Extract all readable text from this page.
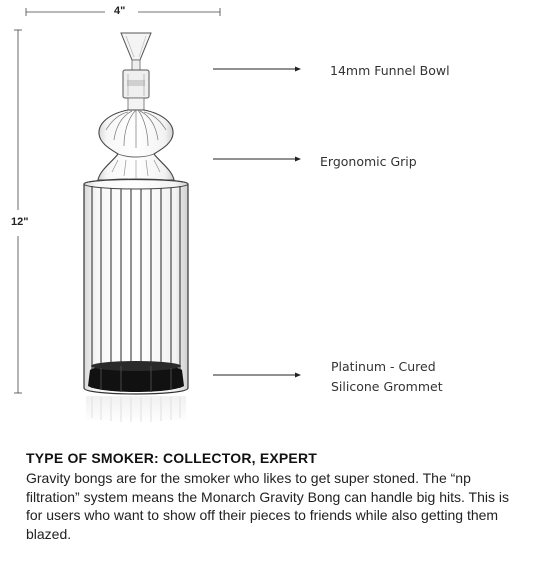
4"
12"
14mm Funnel Bowl
Ergonomic Grip
Platinum - Cured
Silicone Grommet
TYPE OF SMOKER: COLLECTOR, EXPERT
Gravity bongs are for the smoker who likes to get super stoned. The “np filtration” system means the Monarch Gravity Bong can handle big hits. This is for users who want to show off their pieces to friends while also getting them blazed.
